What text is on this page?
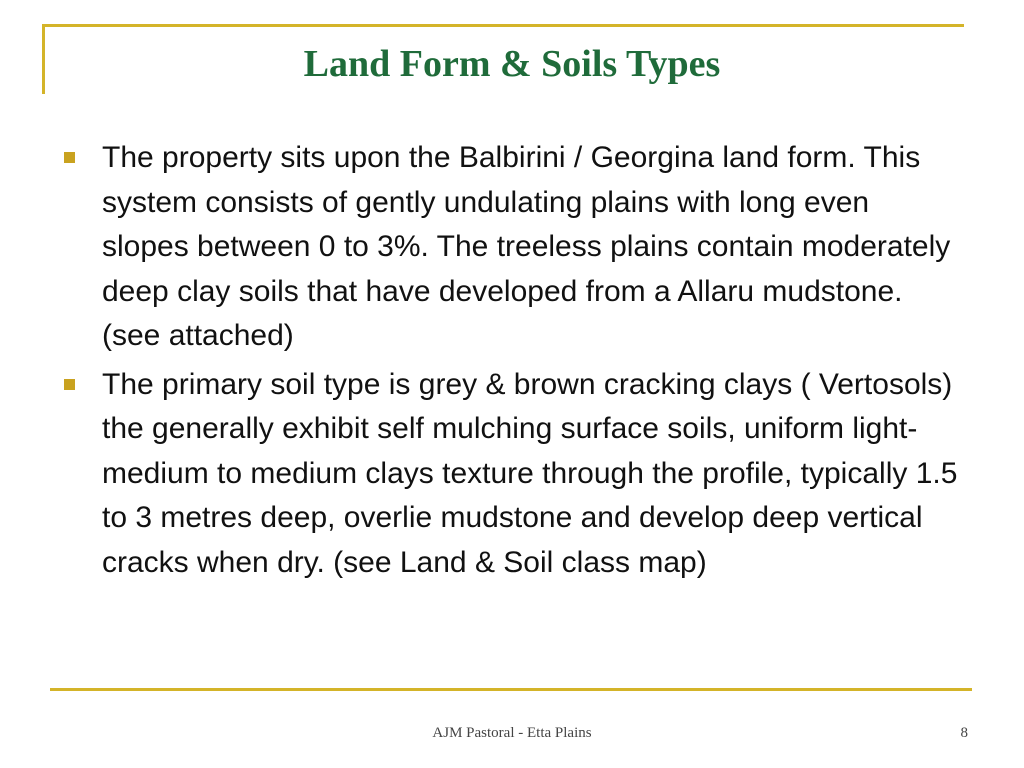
Land Form & Soils Types
The property sits upon the Balbirini / Georgina land form. This system consists of gently undulating plains with long even slopes between 0 to 3%. The treeless plains contain moderately deep clay soils that have developed from a Allaru mudstone. (see attached)
The primary soil type is grey & brown cracking clays ( Vertosols) the generally exhibit self mulching surface soils, uniform light-medium to medium clays texture through the profile, typically 1.5 to 3 metres deep, overlie mudstone and develop deep vertical cracks when dry. (see Land & Soil class map)
AJM Pastoral - Etta Plains	8
